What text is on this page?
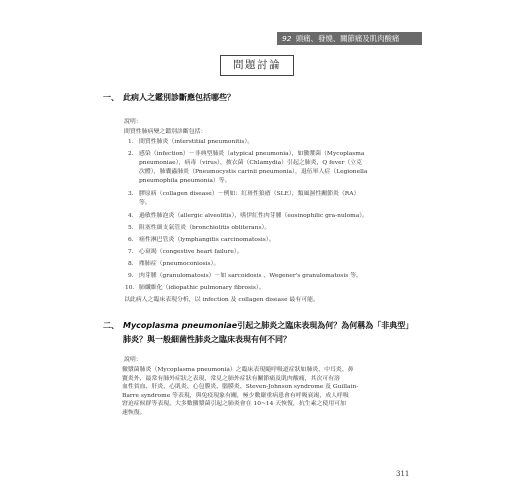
92 頭痛、發燒、關節痛及肌肉酸痛
問題討論
一、 此病人之鑑別診斷應包括哪些？
說明：
間質性肺病變之鑑別診斷包括：
1. 間質性肺炎（interstitial pneumonitis）。
2. 感染（infection）－非典型肺炎（atypical pneumonia），如黴漿菌（Mycoplasma
pneumoniae），病毒（virus），披衣菌（Chlamydia）引起之肺炎，Q fever（立克
次體），肺囊蟲肺炎（Pneumocystis carinii pneumonia），退伍軍人症（Legionella
pneumophila pneumonia）等。
3. 膠原病（collagen disease）－例如：紅斑性狼瘡（SLE），類風濕性關節炎（RA）
等。
4. 過敏性肺泡炎（allergic alveolitis），嗜伊紅性肉芽腫（eosinophilic gra-nuloma）。
5. 阻塞性細支氣管炎（bronchiolitis obliterans）。
6. 癌性淋巴管炎（lymphangitis carcinomatosis）。
7. 心衰竭（congestive heart failure）。
8. 塵肺症（pneumoconiosis）。
9. 肉芽腫（granulomatosis）－如 sarcoidosis 、Wegener's granulomatosis 等。
10. 肺纖維化（idiopathic pulmonary fibrosis）。
以此病人之臨床表現分析，以 infection 及 collagen disease 最有可能。
二、 Mycoplasma pneumoniae引起之肺炎之臨床表現為何？為何稱為「非典型」
肺炎？與一般細菌性肺炎之臨床表現有何不同？
說明：
黴漿菌肺炎（Mycoplasma pneumonia）之臨床表現隨呼吸道症狀如肺炎、中耳炎、鼻
竇炎外，最常有肺外症狀之表現，常見之肺外症狀有關節痛及肌肉酸痛，其次可有溶
血性貧血、肝炎、心肌炎、心包膜炎、腦膜炎、Steven-Johnson syndrome 及 Guillain-
Barre syndrome 等表現，與免疫現象有關，極少數嚴重病患會有呼吸衰竭，成人呼吸
窘迫症候群等表現。大多數黴漿菌引起之肺炎會在 10~14 天恢復，抗生素之使用可加
速恢復。
311
